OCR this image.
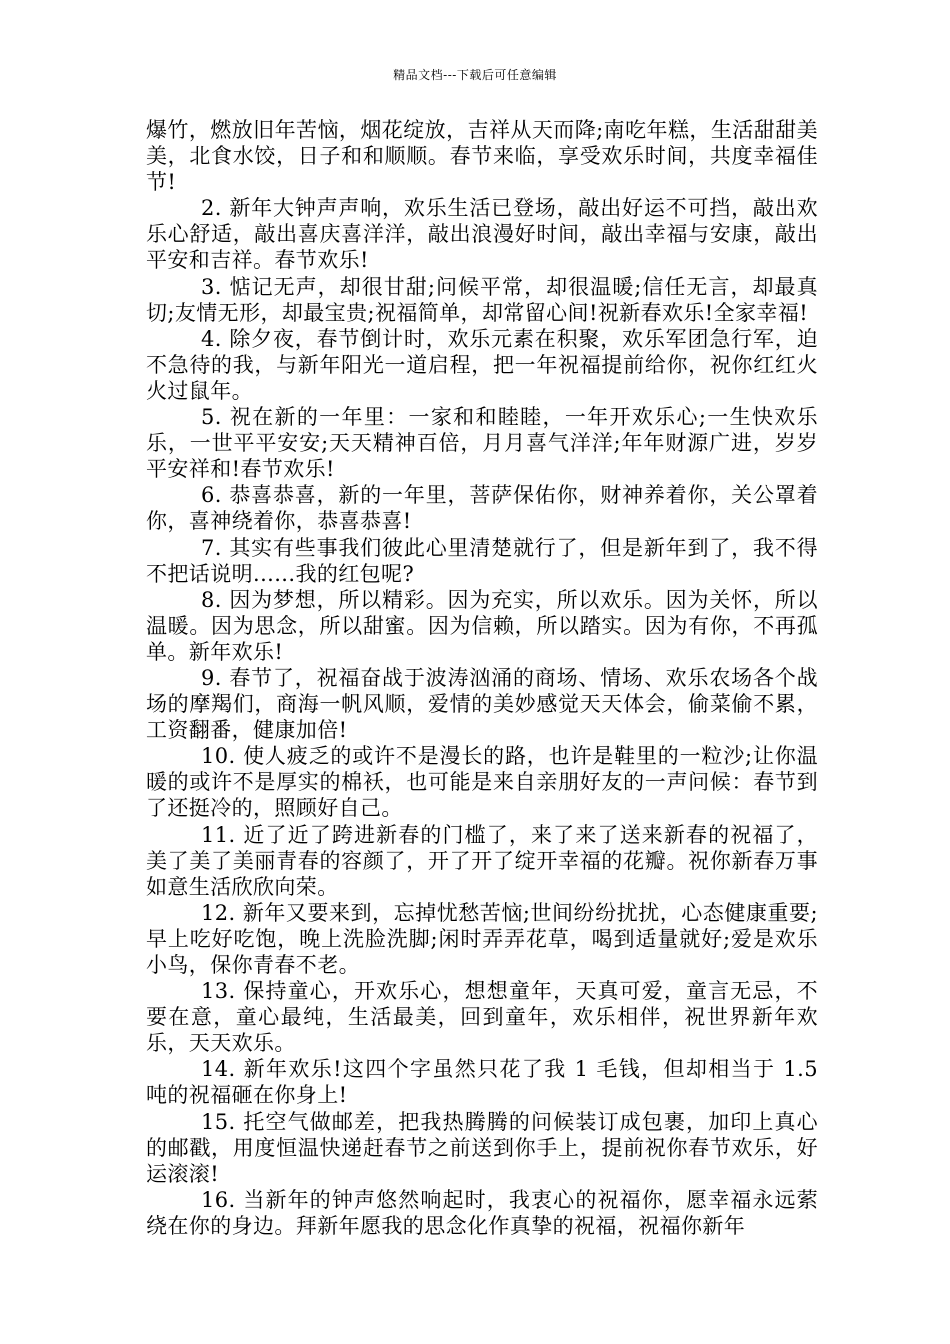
精品文档---下载后可任意编辑

爆竹，燃放旧年苦恼，烟花绽放，吉祥从天而降;南吃年糕，生活甜甜美美，北食水饺，日子和和顺顺。春节来临，享受欢乐时间，共度幸福佳节!

2. 新年大钟声声响，欢乐生活已登场，敲出好运不可挡，敲出欢乐心舒适，敲出喜庆喜洋洋，敲出浪漫好时间，敲出幸福与安康，敲出平安和吉祥。春节欢乐!

3. 惦记无声，却很甘甜;问候平常，却很温暖;信任无言，却最真切;友情无形，却最宝贵;祝福简单，却常留心间!祝新春欢乐!全家幸福!

4. 除夕夜，春节倒计时，欢乐元素在积聚，欢乐军团急行军，迫不急待的我，与新年阳光一道启程，把一年祝福提前给你，祝你红红火火过鼠年。

5. 祝在新的一年里：一家和和睦睦，一年开欢乐心;一生快欢乐乐，一世平平安安;天天精神百倍，月月喜气洋洋;年年财源广进，岁岁平安祥和!春节欢乐!

6. 恭喜恭喜，新的一年里，菩萨保佑你，财神养着你，关公罩着你，喜神绕着你，恭喜恭喜!

7. 其实有些事我们彼此心里清楚就行了，但是新年到了，我不得不把话说明......我的红包呢?

8. 因为梦想，所以精彩。因为充实，所以欢乐。因为关怀，所以温暖。因为思念，所以甜蜜。因为信赖，所以踏实。因为有你，不再孤单。新年欢乐!

9. 春节了，祝福奋战于波涛汹涌的商场、情场、欢乐农场各个战场的摩羯们，商海一帆风顺，爱情的美妙感觉天天体会，偷菜偷不累，工资翻番，健康加倍!

10. 使人疲乏的或许不是漫长的路，也许是鞋里的一粒沙;让你温暖的或许不是厚实的棉袄，也可能是来自亲朋好友的一声问候：春节到了还挺冷的，照顾好自己。

11. 近了近了跨进新春的门槛了，来了来了送来新春的祝福了，美了美了美丽青春的容颜了，开了开了绽开幸福的花瓣。祝你新春万事如意生活欣欣向荣。

12. 新年又要来到，忘掉忧愁苦恼;世间纷纷扰扰，心态健康重要;早上吃好吃饱，晚上洗脸洗脚;闲时弄弄花草，喝到适量就好;爱是欢乐小鸟，保你青春不老。

13. 保持童心，开欢乐心，想想童年，天真可爱，童言无忌，不要在意，童心最纯，生活最美，回到童年，欢乐相伴，祝世界新年欢乐，天天欢乐。

14. 新年欢乐!这四个字虽然只花了我 1 毛钱，但却相当于 1.5 吨的祝福砸在你身上!

15. 托空气做邮差，把我热腾腾的问候装订成包裹，加印上真心的邮戳，用度恒温快递赶春节之前送到你手上，提前祝你春节欢乐，好运滚滚!

16. 当新年的钟声悠然响起时，我衷心的祝福你，愿幸福永远萦绕在你的身边。拜新年愿我的思念化作真挚的祝福，祝福你新年
